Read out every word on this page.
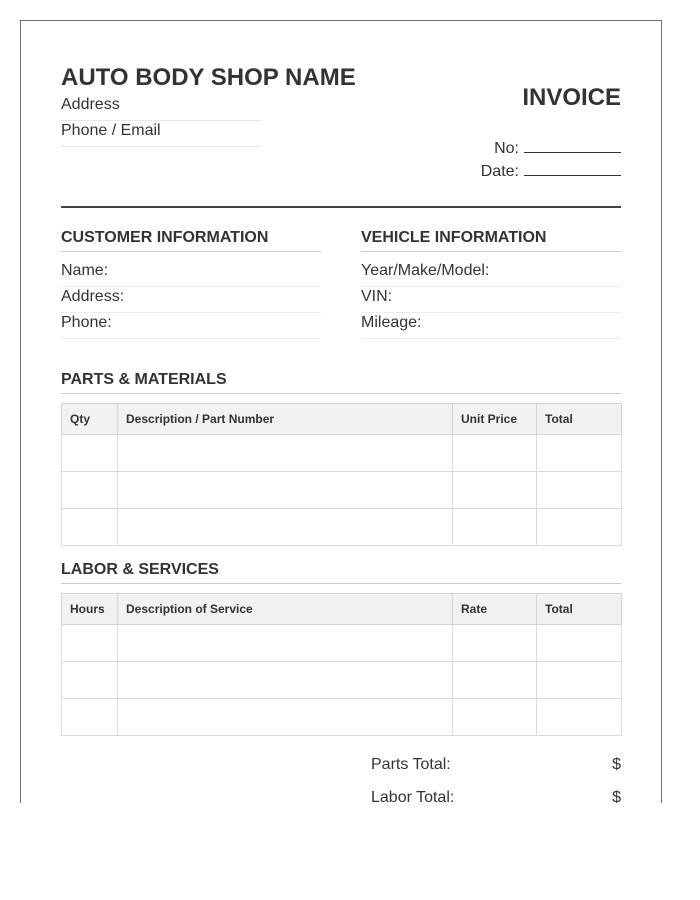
AUTO BODY SHOP NAME
Address
Phone / Email
INVOICE
No:
Date:
CUSTOMER INFORMATION
Name:
Address:
Phone:
VEHICLE INFORMATION
Year/Make/Model:
VIN:
Mileage:
PARTS & MATERIALS
Qty	Description / Part Number	Unit Price	Total

LABOR & SERVICES
Hours	Description of Service	Rate	Total

Parts Total:	$
Labor Total:	$
